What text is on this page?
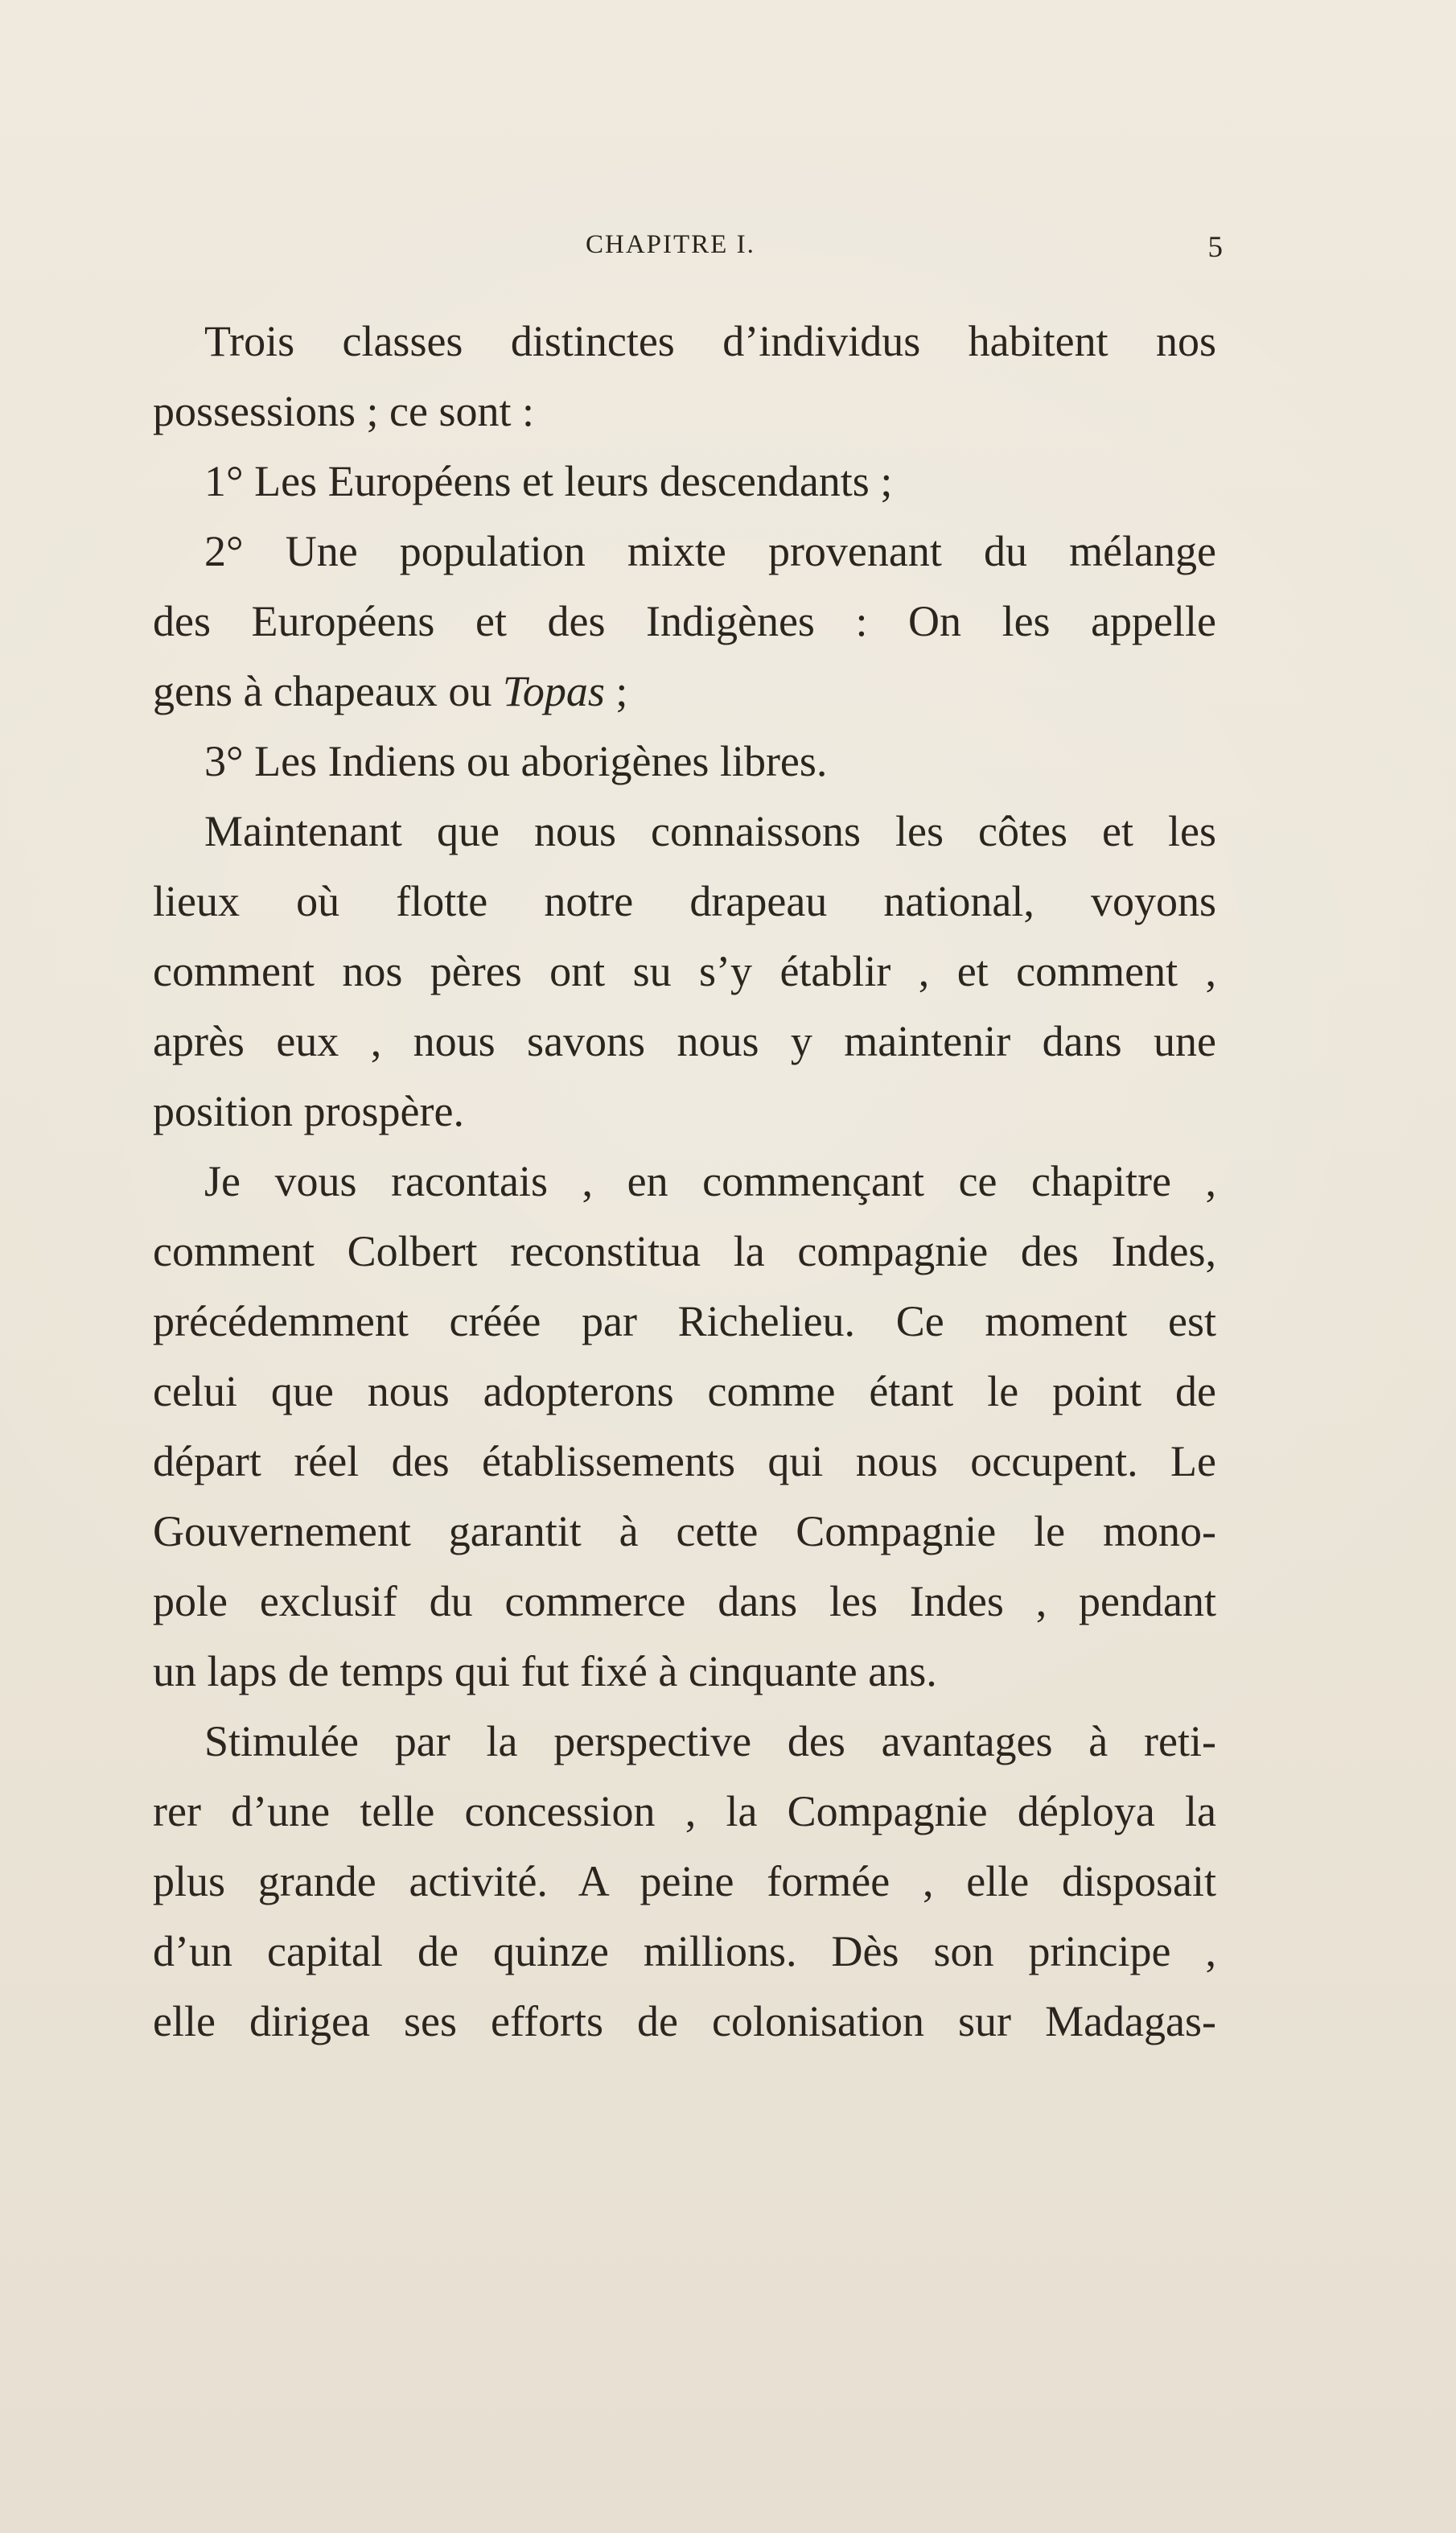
CHAPITRE I.	5
Trois classes distinctes d’individus habitent nos
possessions ; ce sont :
1° Les Européens et leurs descendants ;
2° Une population mixte provenant du mélange
des Européens et des Indigènes : On les appelle
gens à chapeaux ou Topas ;
3° Les Indiens ou aborigènes libres.
Maintenant que nous connaissons les côtes et les
lieux où flotte notre drapeau national, voyons
comment nos pères ont su s’y établir , et comment ,
après eux , nous savons nous y maintenir dans une
position prospère.
Je vous racontais , en commençant ce chapitre ,
comment Colbert reconstitua la compagnie des Indes,
précédemment créée par Richelieu. Ce moment est
celui que nous adopterons comme étant le point de
départ réel des établissements qui nous occupent. Le
Gouvernement garantit à cette Compagnie le mono-
pole exclusif du commerce dans les Indes , pendant
un laps de temps qui fut fixé à cinquante ans.
Stimulée par la perspective des avantages à reti-
rer d’une telle concession , la Compagnie déploya la
plus grande activité. A peine formée , elle disposait
d’un capital de quinze millions. Dès son principe ,
elle dirigea ses efforts de colonisation sur Madagas-
